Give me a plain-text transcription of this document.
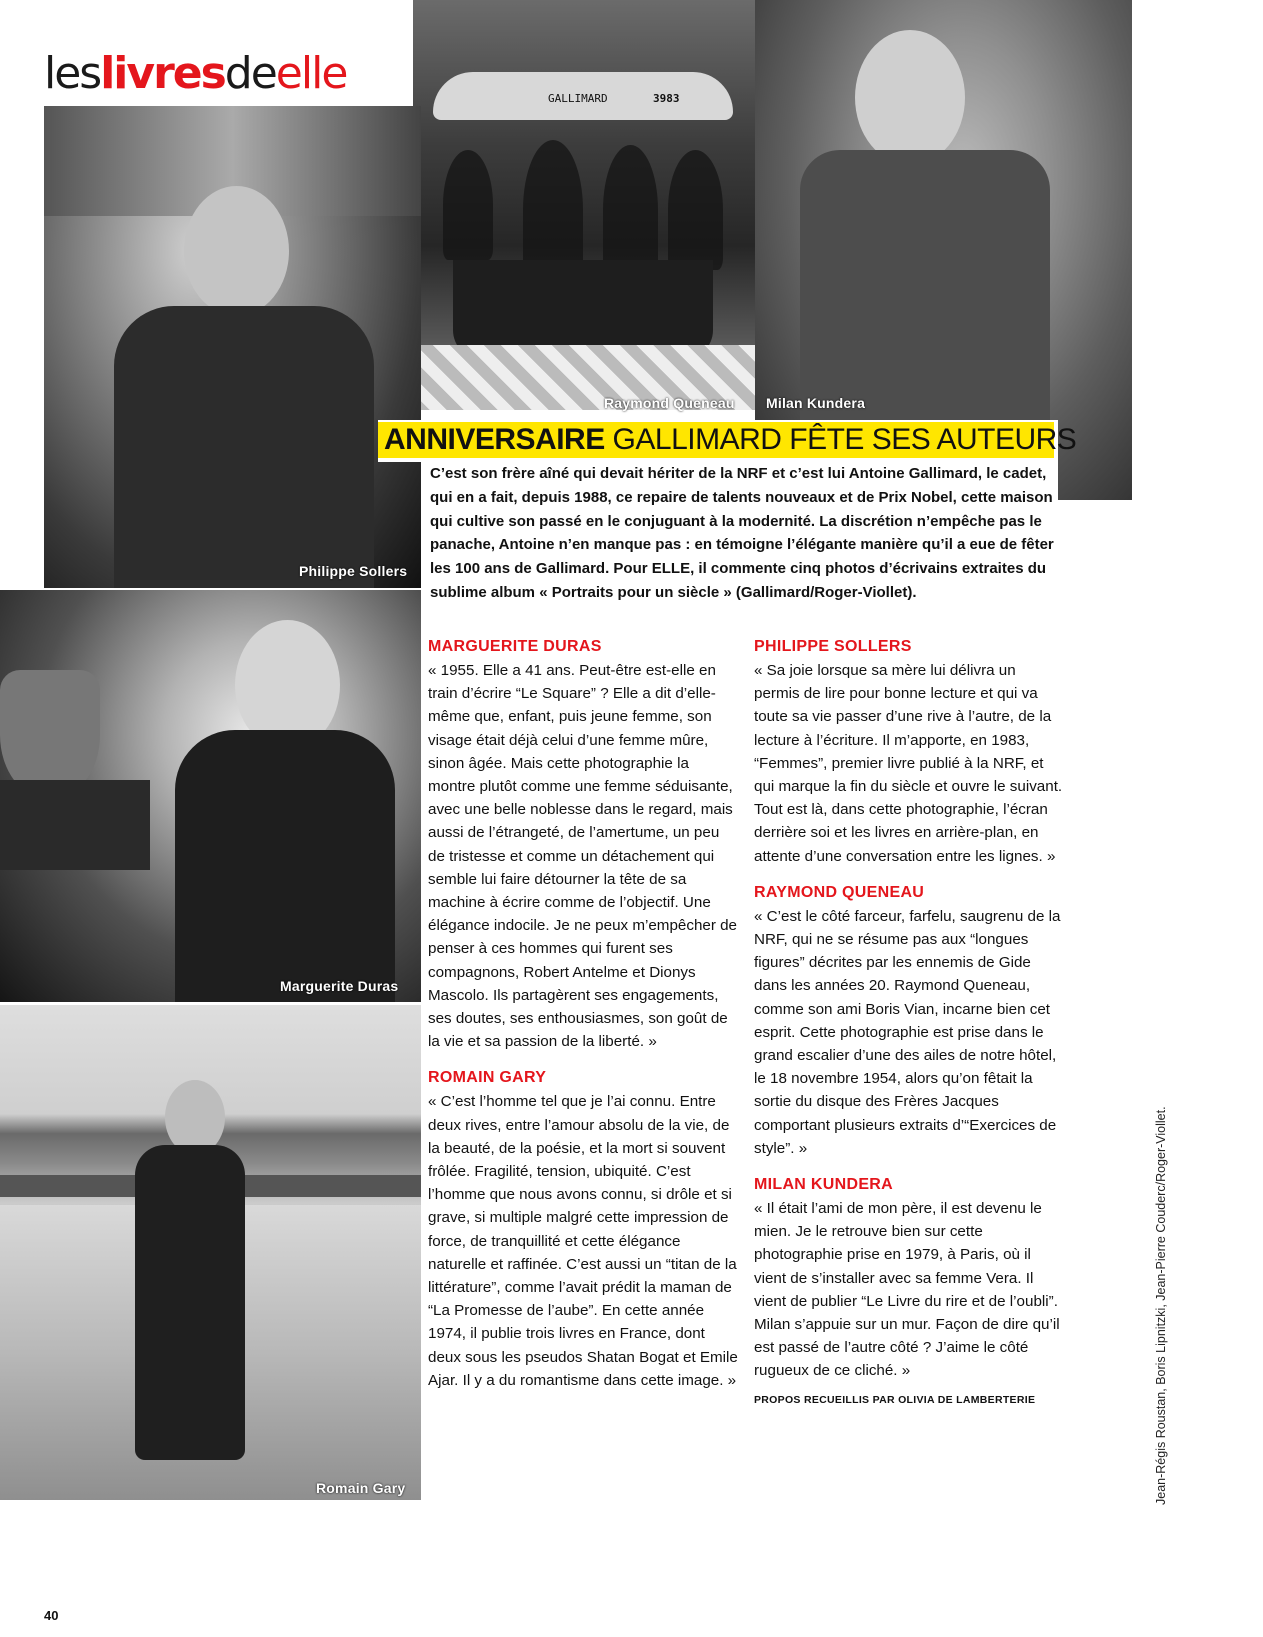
leslivresdeelle	GALLIMARD	3983
Philippe Sollers
Raymond Queneau Milan Kundera
Marguerite Duras
Romain Gary
ANNIVERSAIRE GALLIMARD FÊTE SES AUTEURS
C’est son frère aîné qui devait hériter de la NRF et c’est lui Antoine Gallimard, le cadet, qui en a fait, depuis 1988, ce repaire de talents nouveaux et de Prix Nobel, cette maison qui cultive son passé en le conjuguant à la modernité. La discrétion n’empêche pas le panache, Antoine n’en manque pas : en témoigne l’élégante manière qu’il a eue de fêter les 100 ans de Gallimard. Pour ELLE, il commente cinq photos d’écrivains extraites du sublime album « Portraits pour un siècle » (Gallimard/Roger-Viollet).
MARGUERITE DURAS

« 1955. Elle a 41 ans. Peut-être est-elle en train d’écrire “Le Square” ? Elle a dit d’elle-même que, enfant, puis jeune femme, son visage était déjà celui d’une femme mûre, sinon âgée. Mais cette photographie la montre plutôt comme une femme séduisante, avec une belle noblesse dans le regard, mais aussi de l’étrangeté, de l’amertume, un peu de tristesse et comme un détachement qui semble lui faire détourner la tête de sa machine à écrire comme de l’objectif. Une élégance indocile. Je ne peux m’empêcher de penser à ces hommes qui furent ses compagnons, Robert Antelme et Dionys Mascolo. Ils partagèrent ses engagements, ses doutes, ses enthousiasmes, son goût de la vie et sa passion de la liberté. »

ROMAIN GARY

« C’est l’homme tel que je l’ai connu. Entre deux rives, entre l’amour absolu de la vie, de la beauté, de la poésie, et la mort si souvent frôlée. Fragilité, tension, ubiquité. C’est l’homme que nous avons connu, si drôle et si grave, si multiple malgré cette impression de force, de tranquillité et cette élégance naturelle et raffinée. C’est aussi un “titan de la littérature”, comme l’avait prédit la maman de “La Promesse de l’aube”. En cette année 1974, il publie trois livres en France, dont deux sous les pseudos Shatan Bogat et Emile Ajar. Il y a du romantisme dans cette image. »

PHILIPPE SOLLERS

« Sa joie lorsque sa mère lui délivra un permis de lire pour bonne lecture et qui va toute sa vie passer d’une rive à l’autre, de la lecture à l’écriture. Il m’apporte, en 1983, “Femmes”, premier livre publié à la NRF, et qui marque la fin du siècle et ouvre le suivant. Tout est là, dans cette photographie, l’écran derrière soi et les livres en arrière-plan, en attente d’une conversation entre les lignes. »

RAYMOND QUENEAU

« C’est le côté farceur, farfelu, saugrenu de la NRF, qui ne se résume pas aux “longues figures” décrites par les ennemis de Gide dans les années 20. Raymond Queneau, comme son ami Boris Vian, incarne bien cet esprit. Cette photographie est prise dans le grand escalier d’une des ailes de notre hôtel, le 18 novembre 1954, alors qu’on fêtait la sortie du disque des Frères Jacques comportant plusieurs extraits d’“Exercices de style”. »

MILAN KUNDERA

« Il était l’ami de mon père, il est devenu le mien. Je le retrouve bien sur cette photographie prise en 1979, à Paris, où il vient de s’installer avec sa femme Vera. Il vient de publier “Le Livre du rire et de l’oubli”. Milan s’appuie sur un mur. Façon de dire qu’il est passé de l’autre côté ? J’aime le côté rugueux de ce cliché. »

PROPOS RECUEILLIS PAR OLIVIA DE LAMBERTERIE	Jean-Régis Roustan, Boris Lipnitzki, Jean-Pierre Couderc/Roger-Viollet.
40
